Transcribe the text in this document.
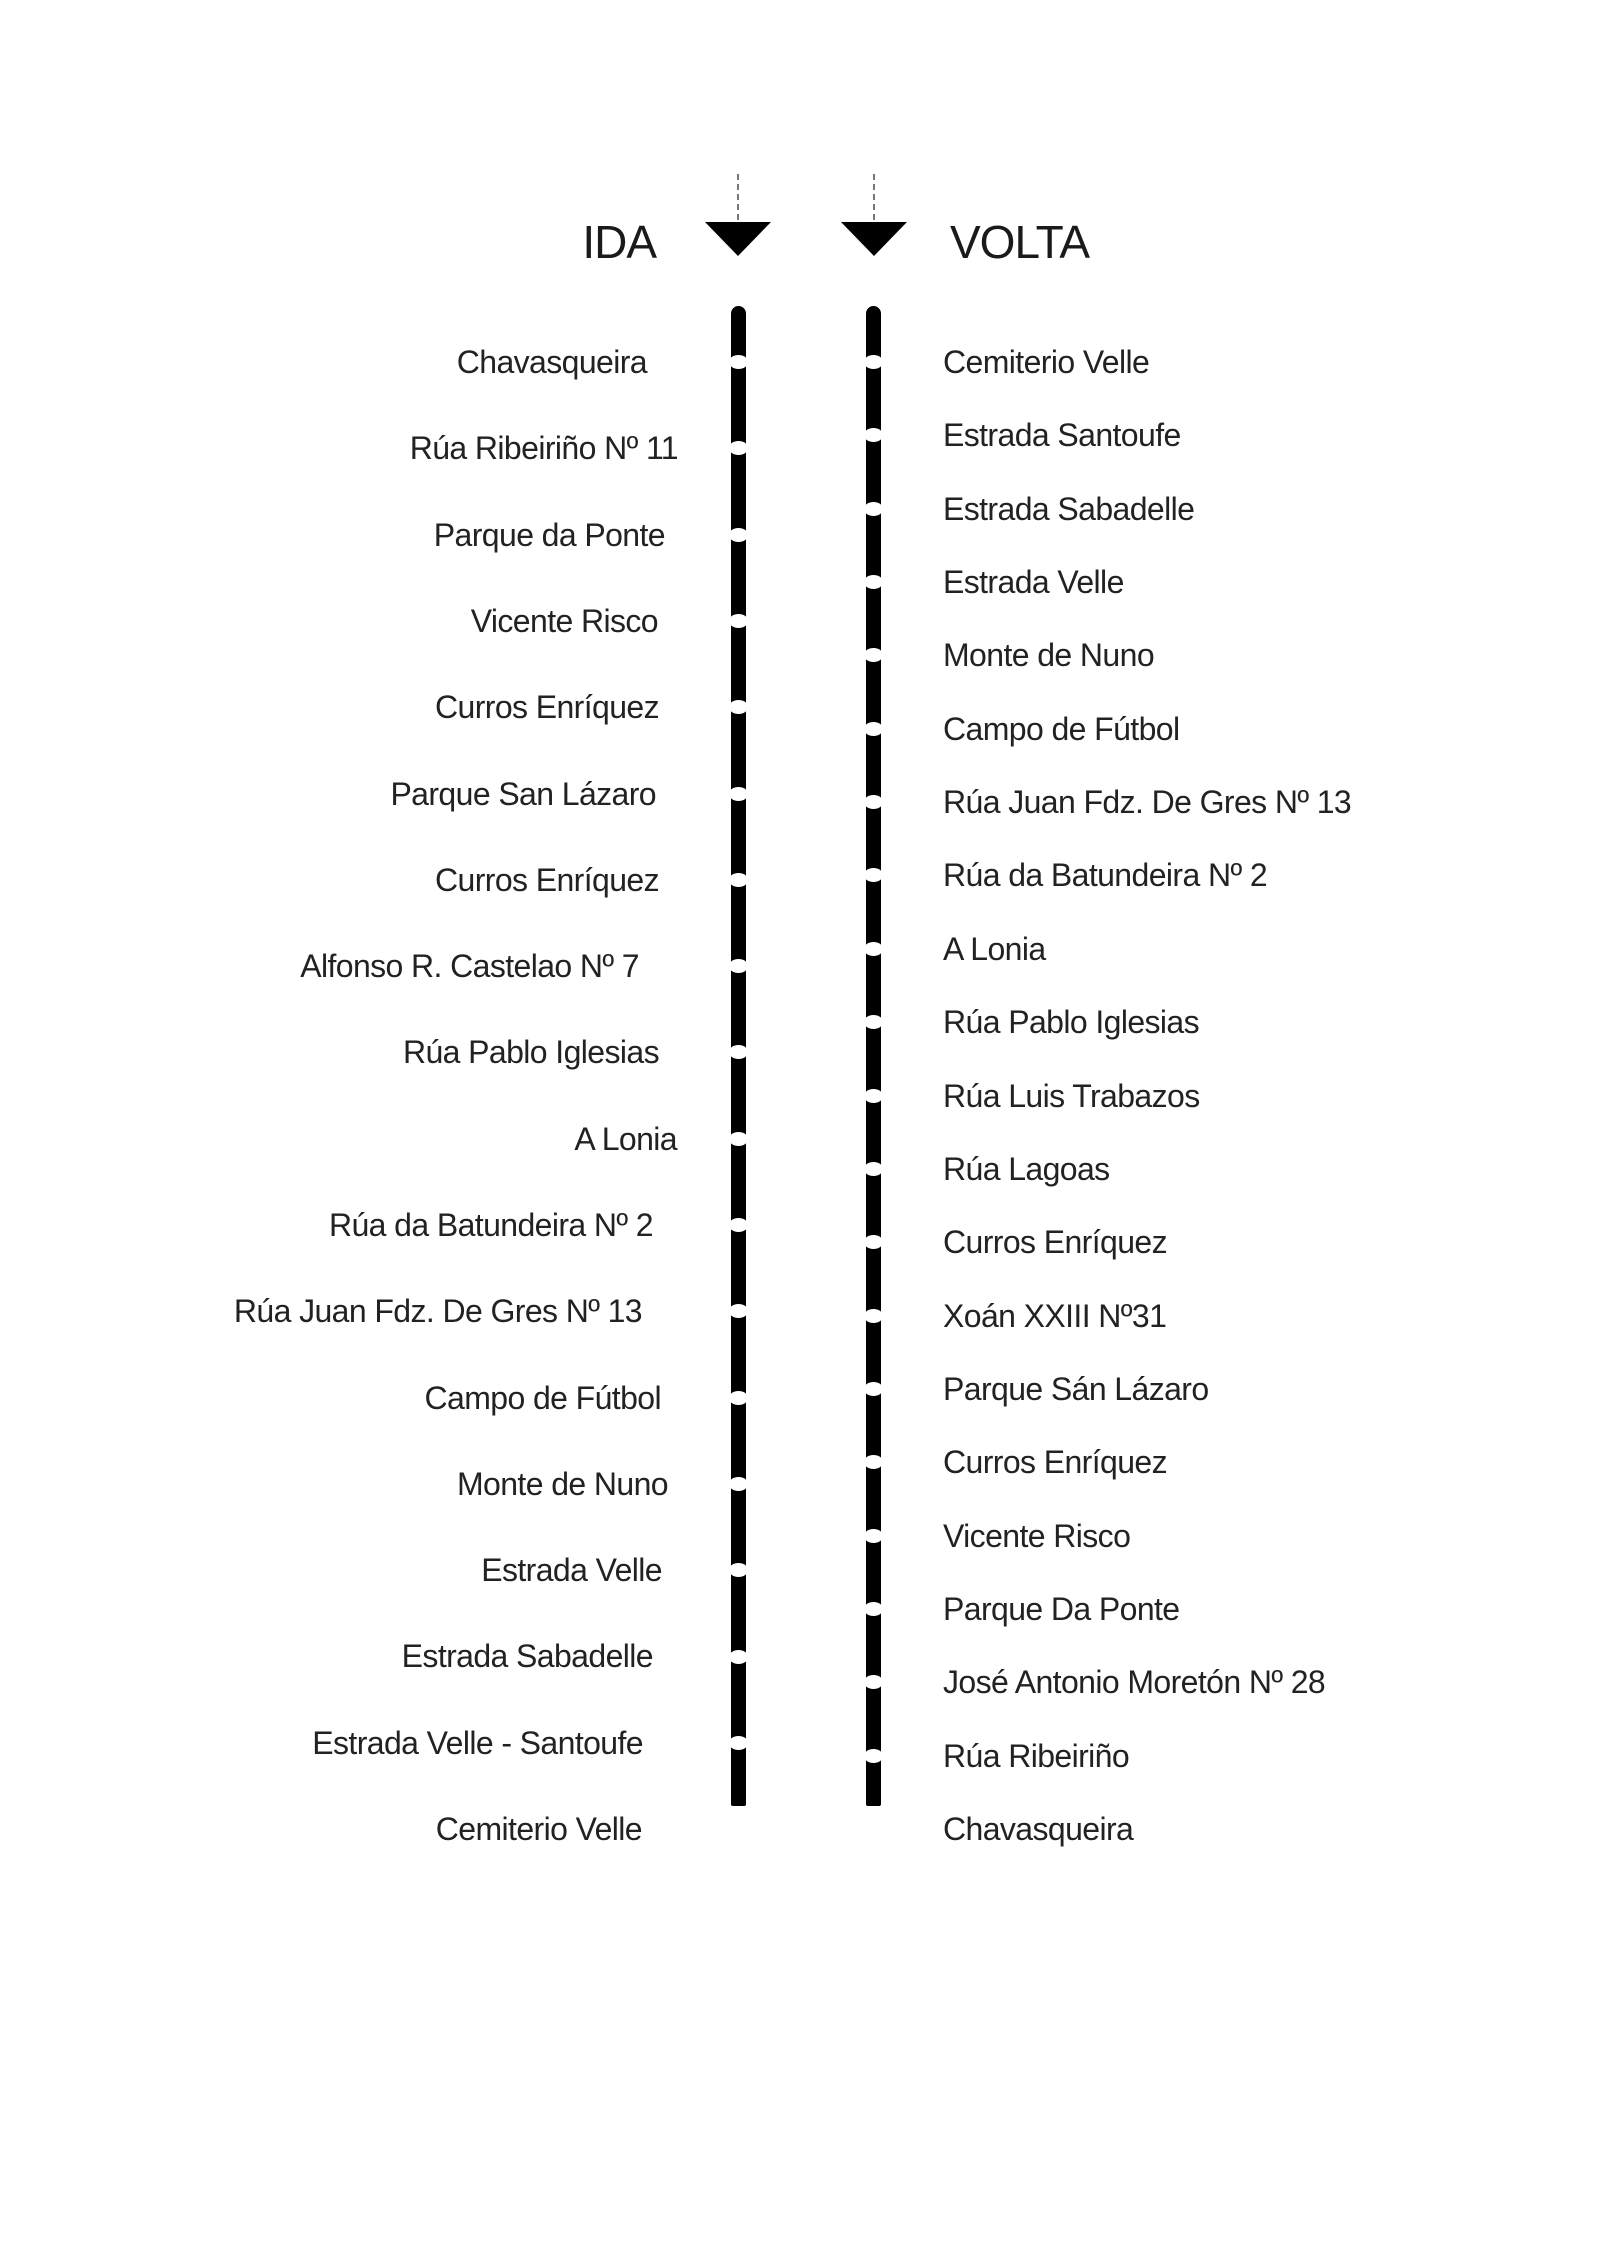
IDA	VOLTA
Chavasqueira
Rúa Ribeiriño Nº 11
Parque da Ponte
Vicente Risco
Curros Enríquez
Parque San Lázaro
Curros Enríquez
Alfonso R. Castelao Nº 7
Rúa Pablo Iglesias
A Lonia
Rúa da Batundeira Nº 2
Rúa Juan Fdz. De Gres Nº 13
Campo de Fútbol
Monte de Nuno
Estrada Velle
Estrada Sabadelle
Estrada Velle - Santoufe
Cemiterio Velle
Cemiterio Velle
Estrada Santoufe
Estrada Sabadelle
Estrada Velle
Monte de Nuno
Campo de Fútbol
Rúa Juan Fdz. De Gres Nº 13
Rúa da Batundeira Nº 2
A Lonia
Rúa Pablo Iglesias
Rúa Luis Trabazos
Rúa Lagoas
Curros Enríquez
Xoán XXIII Nº31
Parque Sán Lázaro
Curros Enríquez
Vicente Risco
Parque Da Ponte
José Antonio Moretón Nº 28
Rúa Ribeiriño
Chavasqueira
